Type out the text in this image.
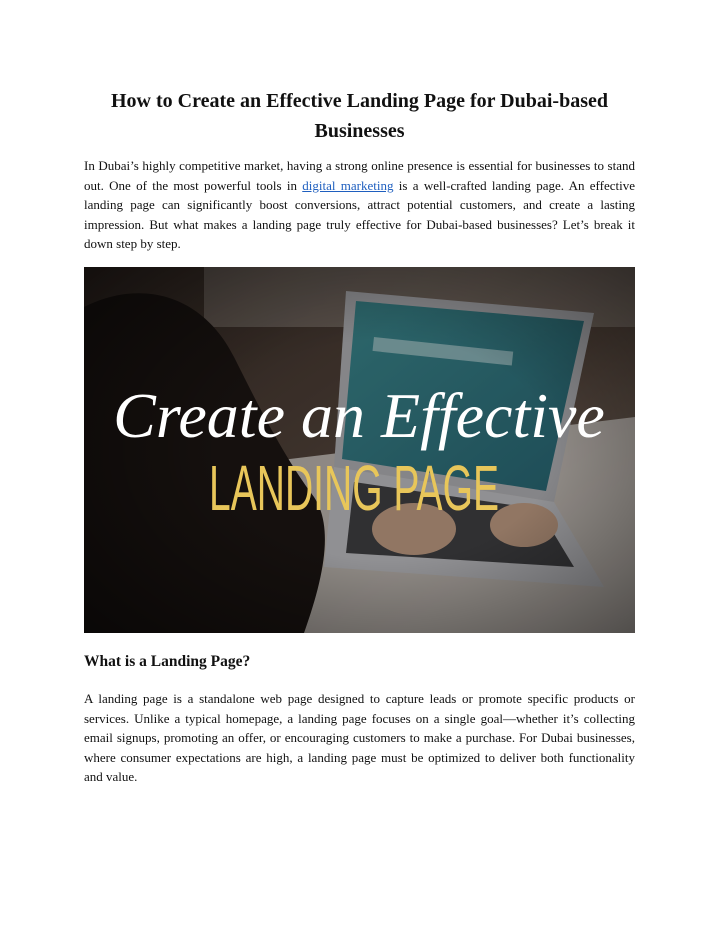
How to Create an Effective Landing Page for Dubai-based Businesses

In Dubai’s highly competitive market, having a strong online presence is essential for businesses to stand out. One of the most powerful tools in digital marketing is a well-crafted landing page. An effective landing page can significantly boost conversions, attract potential customers, and create a lasting impression. But what makes a landing page truly effective for Dubai-based businesses? Let’s break it down step by step.

Create an Effective
LANDING PAGE
What is a Landing Page?

A landing page is a standalone web page designed to capture leads or promote specific products or services. Unlike a typical homepage, a landing page focuses on a single goal—whether it’s collecting email signups, promoting an offer, or encouraging customers to make a purchase. For Dubai businesses, where consumer expectations are high, a landing page must be optimized to deliver both functionality and value.
